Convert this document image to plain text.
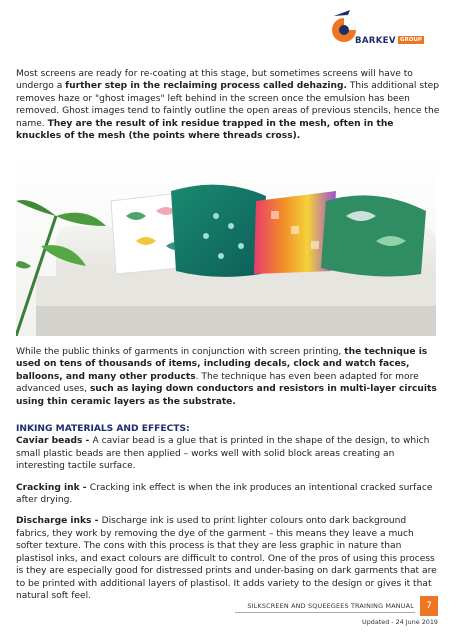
BARKEV GROUP

Most screens are ready for re-coating at this stage, but sometimes screens will have to undergo a further step in the reclaiming process called dehazing. This additional step removes haze or "ghost images" left behind in the screen once the emulsion has been removed. Ghost images tend to faintly outline the open areas of previous stencils, hence the name. They are the result of ink residue trapped in the mesh, often in the knuckles of the mesh (the points where threads cross).

While the public thinks of garments in conjunction with screen printing, the technique is used on tens of thousands of items, including decals, clock and watch faces, balloons, and many other products. The technique has even been adapted for more advanced uses, such as laying down conductors and resistors in multi-layer circuits using thin ceramic layers as the substrate.

INKING MATERIALS AND EFFECTS:

Caviar beads - A caviar bead is a glue that is printed in the shape of the design, to which small plastic beads are then applied – works well with solid block areas creating an interesting tactile surface.

Cracking ink - Cracking ink effect is when the ink produces an intentional cracked surface after drying.

Discharge inks - Discharge ink is used to print lighter colours onto dark background fabrics, they work by removing the dye of the garment – this means they leave a much softer texture. The cons with this process is that they are less graphic in nature than plastisol inks, and exact colours are difficult to control. One of the pros of using this process is they are especially good for distressed prints and under-basing on dark garments that are to be printed with additional layers of plastisol. It adds variety to the design or gives it that natural soft feel.

SILKSCREEN AND SQUEEGEES TRAINING MANUAL	7
Updated - 24 June 2019
